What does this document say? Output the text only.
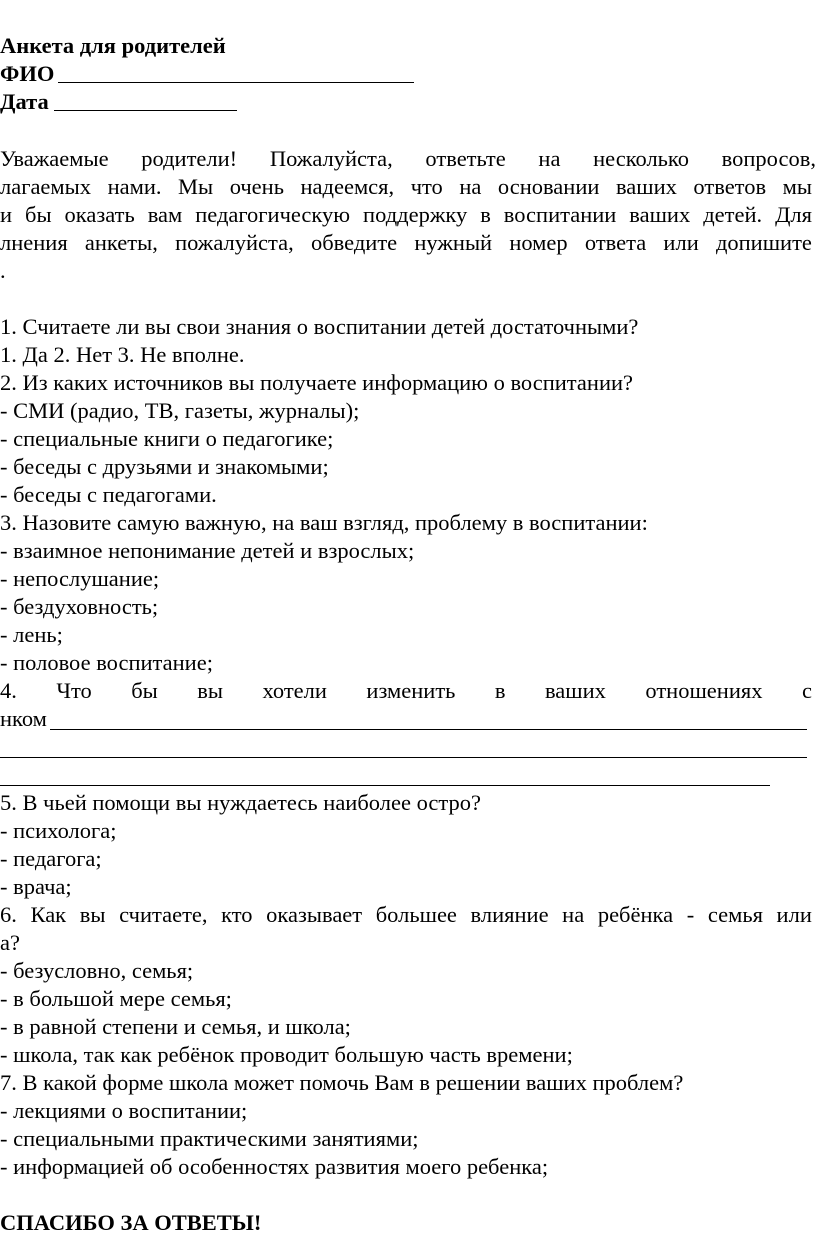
Анкета для родителей
ФИО
Дата
Уважаемые родители! Пожалуйста, ответьте на несколько вопросов,
лагаемых нами. Мы очень надеемся, что на основании ваших ответов мы
и бы оказать вам педагогическую поддержку в воспитании ваших детей. Для
лнения анкеты, пожалуйста, обведите нужный номер ответа или допишите
.
1. Считаете ли вы свои знания о воспитании детей достаточными?
1. Да 2. Нет 3. Не вполне.
2. Из каких источников вы получаете информацию о воспитании?
- СМИ (радио, ТВ, газеты, журналы);
- специальные книги о педагогике;
- беседы с друзьями и знакомыми;
- беседы с педагогами.
3. Назовите самую важную, на ваш взгляд, проблему в воспитании:
- взаимное непонимание детей и взрослых;
- непослушание;
- бездуховность;
- лень;
- половое воспитание;
4. Что бы вы хотели изменить в ваших отношениях с
нком
5. В чьей помощи вы нуждаетесь наиболее остро?
- психолога;
- педагога;
- врача;
6. Как вы считаете, кто оказывает большее влияние на ребёнка - семья или
а?
- безусловно, семья;
- в большой мере семья;
- в равной степени и семья, и школа;
- школа, так как ребёнок проводит большую часть времени;
7. В какой форме школа может помочь Вам в решении ваших проблем?
- лекциями о воспитании;
- специальными практическими занятиями;
- информацией об особенностях развития моего ребенка;
СПАСИБО ЗА ОТВЕТЫ!
